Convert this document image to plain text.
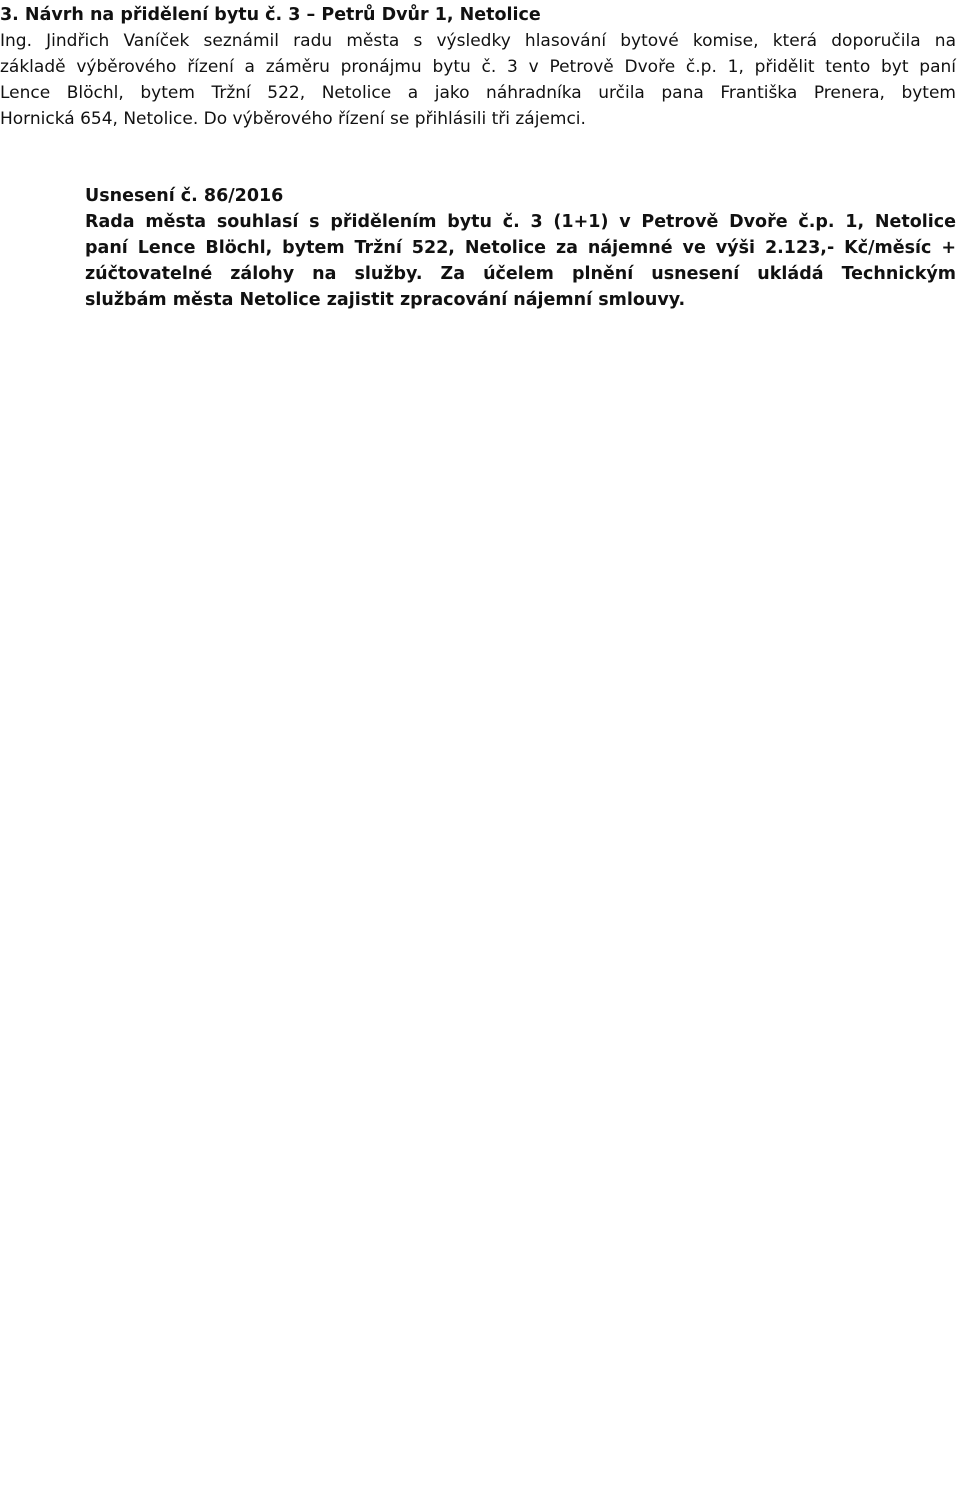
3. Návrh na přidělení bytu č. 3 – Petrů Dvůr 1, Netolice
Ing. Jindřich Vaníček seznámil radu města s výsledky hlasování bytové komise, která doporučila na
základě výběrového řízení a záměru pronájmu bytu č. 3 v Petrově Dvoře č.p. 1, přidělit tento byt paní
Lence Blöchl, bytem Tržní 522, Netolice a jako náhradníka určila pana Františka Prenera, bytem
Hornická 654, Netolice. Do výběrového řízení se přihlásili tři zájemci.
Usnesení č. 86/2016
Rada města souhlasí s přidělením bytu č. 3 (1+1) v Petrově Dvoře č.p. 1, Netolice
paní Lence Blöchl, bytem Tržní 522, Netolice za nájemné ve výši 2.123,- Kč/měsíc +
zúčtovatelné zálohy na služby. Za účelem plnění usnesení ukládá Technickým
službám města Netolice zajistit zpracování nájemní smlouvy.
